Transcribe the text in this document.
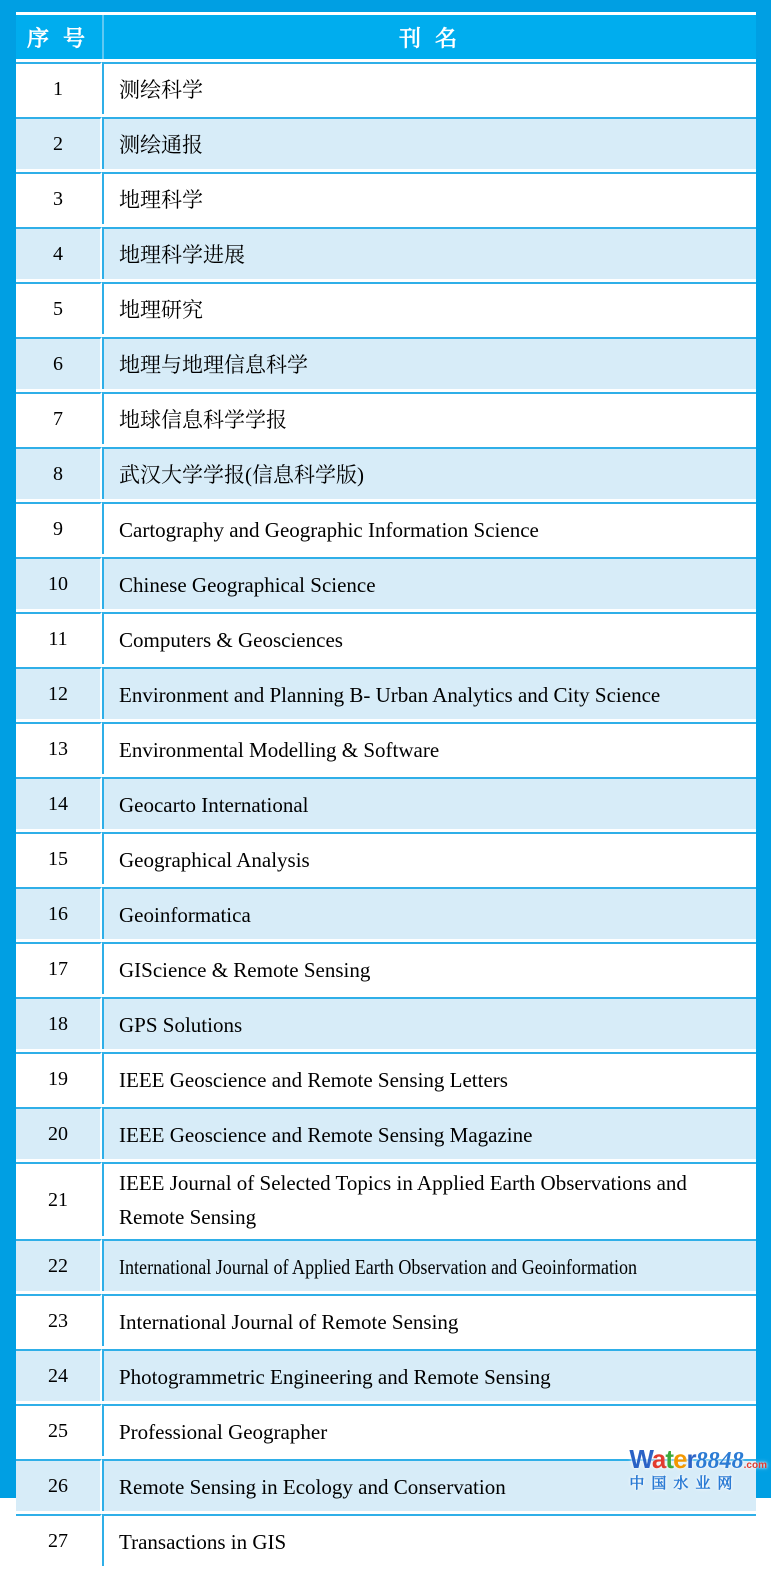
序 号	刊 名
1	测绘科学
2	测绘通报
3	地理科学
4	地理科学进展
5	地理研究
6	地理与地理信息科学
7	地球信息科学学报
8	武汉大学学报(信息科学版)
9	Cartography and Geographic Information Science
10	Chinese Geographical Science
11	Computers & Geosciences
12	Environment and Planning B- Urban Analytics and City Science
13	Environmental Modelling & Software
14	Geocarto International
15	Geographical Analysis
16	Geoinformatica
17	GIScience & Remote Sensing
18	GPS Solutions
19	IEEE Geoscience and Remote Sensing Letters
20	IEEE Geoscience and Remote Sensing Magazine
21	IEEE Journal of Selected Topics in Applied Earth Observations and Remote Sensing
22	International Journal of Applied Earth Observation and Geoinformation
23	International Journal of Remote Sensing
24	Photogrammetric Engineering and Remote Sensing
25	Professional Geographer
26	Remote Sensing in Ecology and Conservation
27	Transactions in GIS
Water8848.com
中国水业网
